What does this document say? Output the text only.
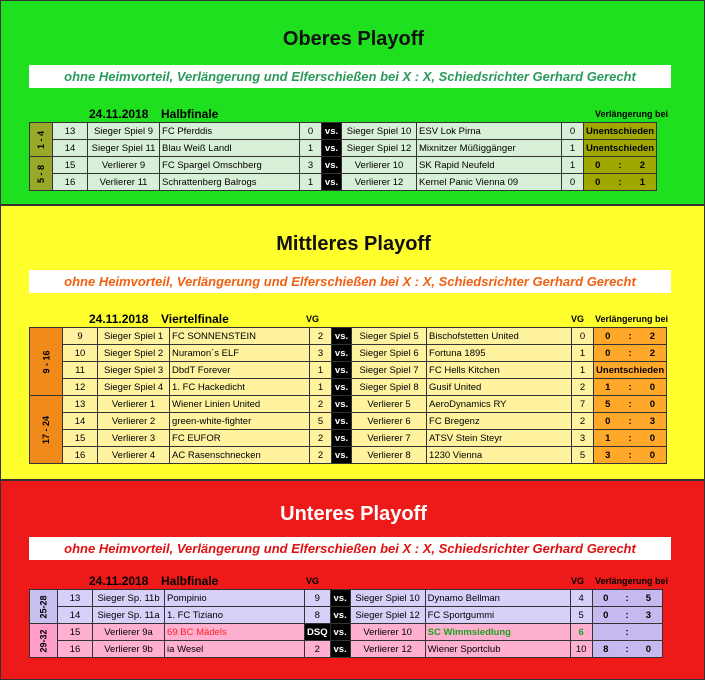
Oberes Playoff
ohne Heimvorteil, Verlängerung und Elferschießen bei X : X, Schiedsrichter Gerhard Gerecht
24.11.2018 Halbfinale	Verlängerung bei
1 - 4	13	Sieger Spiel 9	FC Pferddis	0	vs.	Sieger Spiel 10	ESV Lok Pirna	0	Unentschieden
	14	Sieger Spiel 11	Blau Weiß Landl	1	vs.	Sieger Spiel 12	Mixnitzer Müßiggänger	1	Unentschieden
5 - 8	15	Verlierer 9	FC Spargel Omschberg	3	vs.	Verlierer 10	SK Rapid Neufeld	1	0 : 2

	16	Verlierer 11	Schrattenberg Balrogs	1	vs.	Verlierer 12	Kernel Panic Vienna 09	0	0 : 1
Mittleres Playoff
ohne Heimvorteil, Verlängerung und Elferschießen bei X : X, Schiedsrichter Gerhard Gerecht
24.11.2018 Viertelfinale	VG	VG Verlängerung bei
9 - 16	9	Sieger Spiel 1	FC SONNENSTEIN	2	vs.	Sieger Spiel 5	Bischofstetten United	0	0 : 2

	10	Sieger Spiel 2	Nuramon´s ELF	3	vs.	Sieger Spiel 6	Fortuna 1895	1	0 : 2

	11	Sieger Spiel 3	DbdT Forever	1	vs.	Sieger Spiel 7	FC Hells Kitchen	1	Unentschieden
	12	Sieger Spiel 4	1. FC Hackedicht	1	vs.	Sieger Spiel 8	Gusif United	2	1 : 0

17 - 24	13	Verlierer 1	Wiener Linien United	2	vs.	Verlierer 5	AeroDynamics RY	7	5 : 0

	14	Verlierer 2	green-white-fighter	5	vs.	Verlierer 6	FC Bregenz	2	0 : 3

	15	Verlierer 3	FC EUFOR	2	vs.	Verlierer 7	ATSV Stein Steyr	3	1 : 0

	16	Verlierer 4	AC Rasenschnecken	2	vs.	Verlierer 8	1230 Vienna	5	3 : 0
Unteres Playoff
ohne Heimvorteil, Verlängerung und Elferschießen bei X : X, Schiedsrichter Gerhard Gerecht
24.11.2018 Halbfinale	VG	VG Verlängerung bei
25-28	13	Sieger Sp. 11b	Pompinio	9	vs.	Sieger Spiel 10	Dynamo Bellman	4	0 : 5

	14	Sieger Sp. 11a	1. FC Tiziano	8	vs.	Sieger Spiel 12	FC Sportgummi	5	0 : 3

29-32	15	Verlierer 9a	69 BC Mädels	DSQ	vs.	Verlierer 10	SC Wimmsiedlung	6	:

	16	Verlierer 9b	ia Wesel	2	vs.	Verlierer 12	Wiener Sportclub	10	8 : 0
